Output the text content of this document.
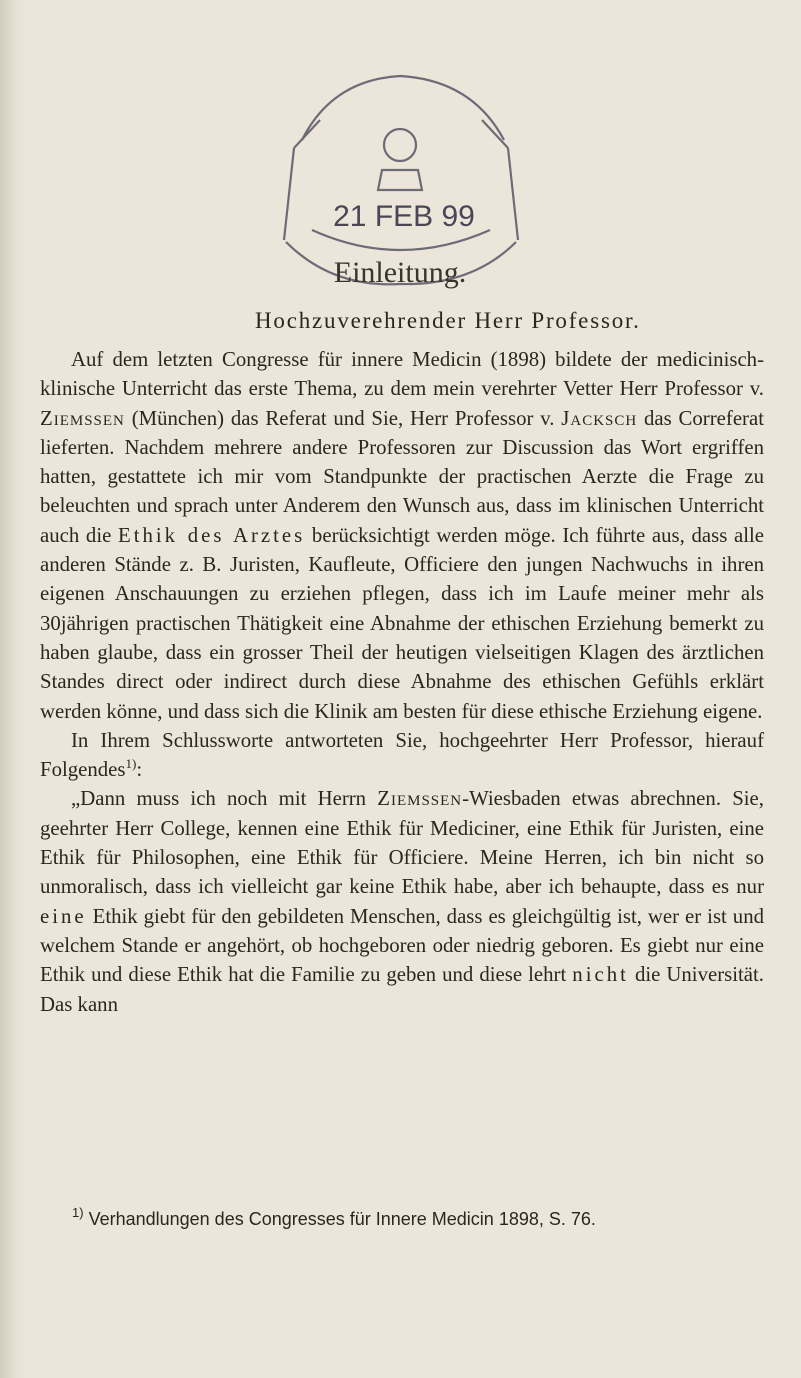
21 FEB 99
Einleitung.
Hochzuverehrender Herr Professor.

Auf dem letzten Congresse für innere Medicin (1898) bildete der medicinisch-klinische Unterricht das erste Thema, zu dem mein verehrter Vetter Herr Professor v. Ziemssen (München) das Referat und Sie, Herr Professor v. Jacksch das Correferat lieferten. Nachdem mehrere andere Professoren zur Discussion das Wort ergriffen hatten, gestattete ich mir vom Standpunkte der practischen Aerzte die Frage zu beleuchten und sprach unter Anderem den Wunsch aus, dass im klinischen Unterricht auch die Ethik des Arztes berücksichtigt werden möge. Ich führte aus, dass alle anderen Stände z. B. Juristen, Kaufleute, Officiere den jungen Nachwuchs in ihren eigenen Anschauungen zu erziehen pflegen, dass ich im Laufe meiner mehr als 30jährigen practischen Thätigkeit eine Abnahme der ethischen Erziehung bemerkt zu haben glaube, dass ein grosser Theil der heutigen vielseitigen Klagen des ärztlichen Standes direct oder indirect durch diese Abnahme des ethischen Gefühls erklärt werden könne, und dass sich die Klinik am besten für diese ethische Erziehung eigene.

In Ihrem Schlussworte antworteten Sie, hochgeehrter Herr Professor, hierauf Folgendes$^{1)}$:

„Dann muss ich noch mit Herrn Ziemssen-Wiesbaden etwas abrechnen. Sie, geehrter Herr College, kennen eine Ethik für Mediciner, eine Ethik für Juristen, eine Ethik für Philosophen, eine Ethik für Officiere. Meine Herren, ich bin nicht so unmoralisch, dass ich vielleicht gar keine Ethik habe, aber ich behaupte, dass es nur eine Ethik giebt für den gebildeten Menschen, dass es gleichgültig ist, wer er ist und welchem Stande er angehört, ob hochgeboren oder niedrig geboren. Es giebt nur eine Ethik und diese Ethik hat die Familie zu geben und diese lehrt nicht die Universität. Das kann

$^{1)}$ Verhandlungen des Congresses für Innere Medicin 1898, S. 76.
